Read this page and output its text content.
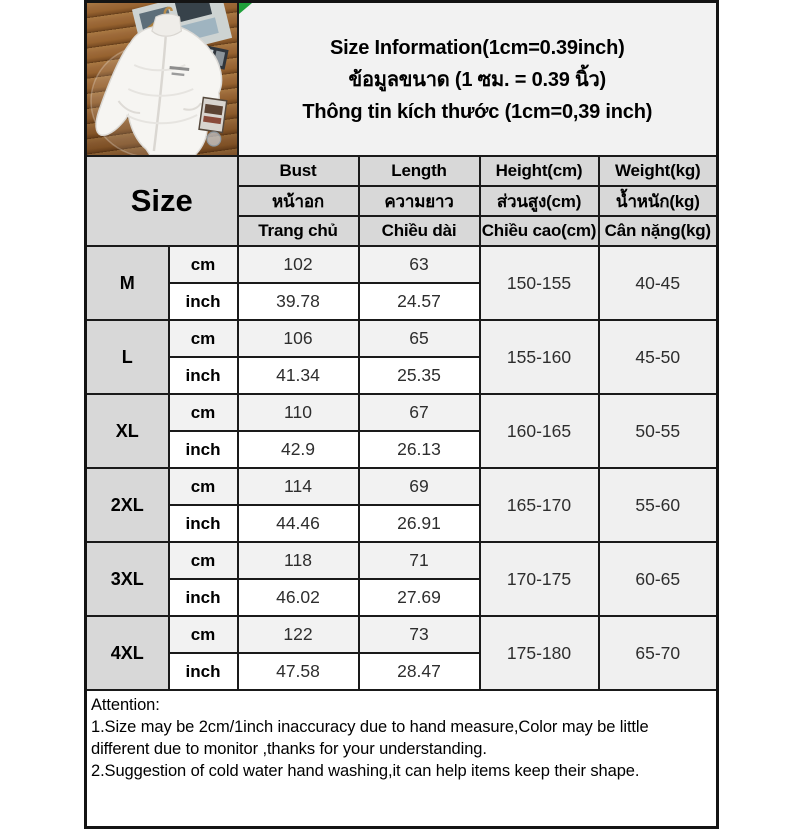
Size Information(1cm=0.39inch)
ข้อมูลขนาด (1 ซม. = 0.39 นิ้ว)
Thông tin kích thước (1cm=0,39 inch)			

Size		Bust	Length	Height(cm)	Weight(kg)
		หน้าอก	ความยาว	ส่วนสูง(cm)	น้ำหนัก(kg)
		Trang chủ	Chiều dài	Chiều cao(cm)	Cân nặng(kg)
M	cm	102	63	150-155	40-45
	inch	39.78	24.57		
L	cm	106	65	155-160	45-50
	inch	41.34	25.35		
XL	cm	110	67	160-165	50-55
	inch	42.9	26.13		
2XL	cm	114	69	165-170	55-60
	inch	44.46	26.91		
3XL	cm	118	71	170-175	60-65
	inch	46.02	27.69		
4XL	cm	122	73	175-180	65-70
	inch	47.58	28.47		

Attention:
1.Size may be 2cm/1inch inaccuracy due to hand measure,Color may be little different due to monitor ,thanks for your understanding.
2.Suggestion of cold water hand washing,it can help items keep their shape.					
